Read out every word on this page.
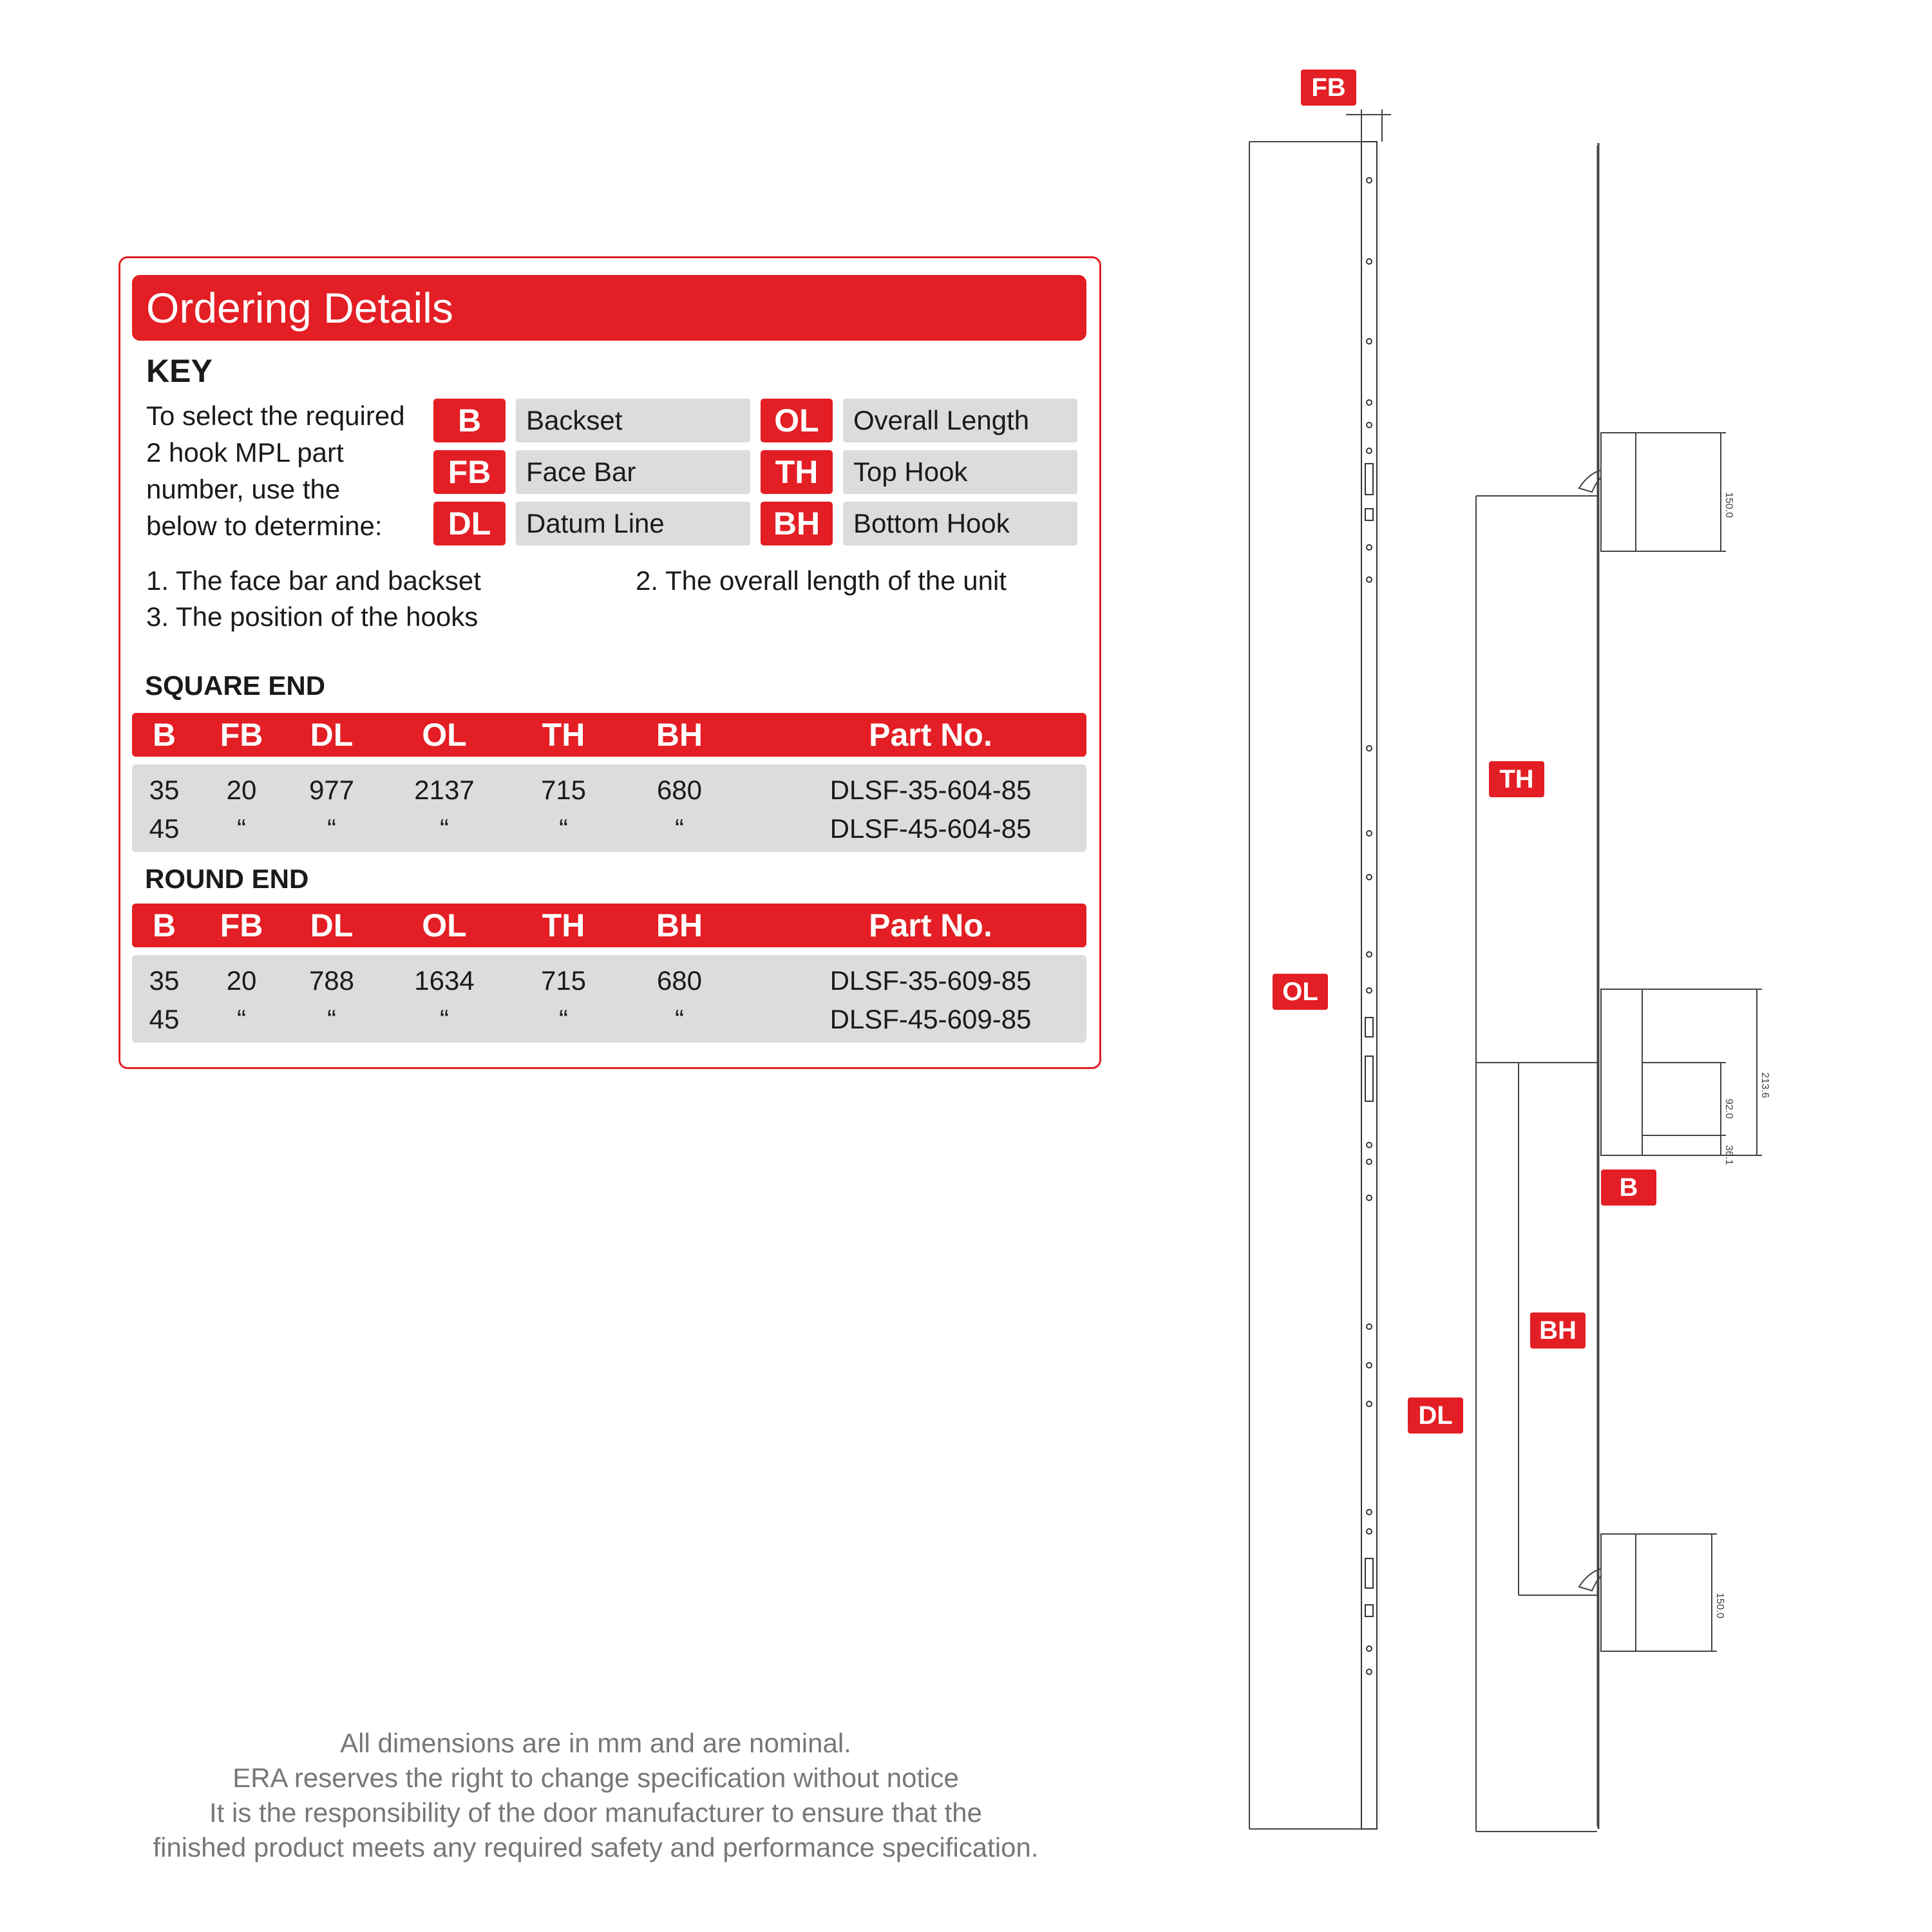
Ordering Details
KEY
To select the required
2 hook MPL part
number, use the
below to determine:
B	Backset	OL	Overall Length
FB	Face Bar	TH	Top Hook
DL	Datum Line	BH	Bottom Hook
1. The face bar and backset	2. The overall length of the unit
3. The position of the hooks
SQUARE END
B	FB	DL	OL	TH	BH	Part No.
35	20	977	2137	715	680	DLSF-35-604-85
45	“	“	“	“	“	DLSF-45-604-85
ROUND END
B	FB	DL	OL	TH	BH	Part No.
35	20	788	1634	715	680	DLSF-35-609-85
45	“	“	“	“	“	DLSF-45-609-85
All dimensions are in mm and are nominal.
ERA reserves the right to change specification without notice
It is the responsibility of the door manufacturer to ensure that the
finished product meets any required safety and performance specification.
150.0
213.6
92.0
36.1
150.0
FB
OL
TH
B
BH
DL
